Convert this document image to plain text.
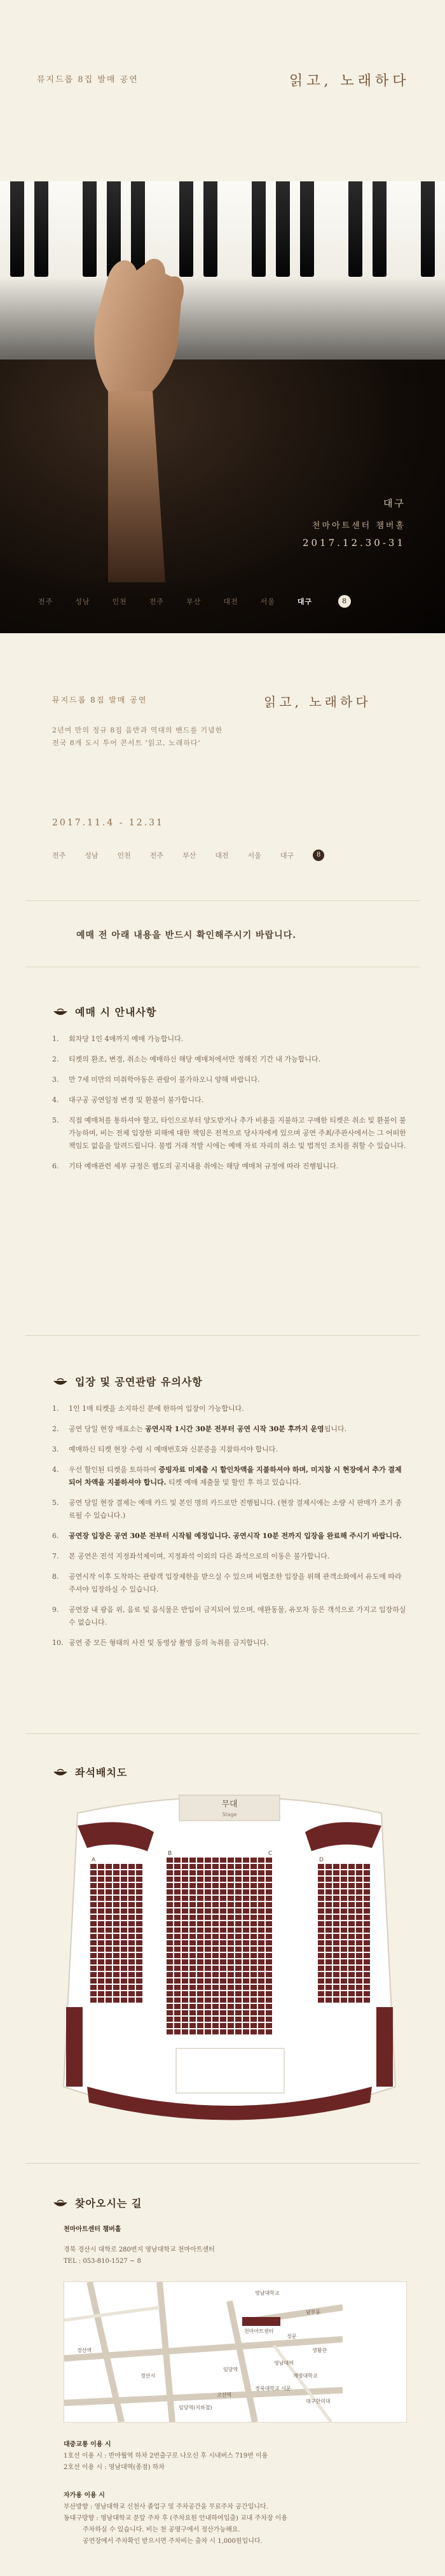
뮤지드롭 8집 발매 공연	읽고, 노래하다
대구
천마아트센터 챔버홀
2017.12.30-31
전주	성남	인천	전주	부산	대전	서울	대구	8
뮤지드롭 8집 발매 공연	읽고, 노래하다
2년여 만의 정규 8집 음반과 역대의 밴드를 기념한
전국 8개 도시 투어 콘서트 '읽고, 노래하다'
2017.11.4 - 12.31
전주	성남	인천	전주	부산	대전	서울	대구	8
예매 전 아래 내용을 반드시 확인해주시기 바랍니다.
예매 시 안내사항
1. 회차당 1인 4매까지 예매 가능합니다.
2. 티켓의 환조, 변경, 취소는 예매하신 해당 예매처에서만 정해진 기간 내 가능합니다.
3. 만 7세 미만의 미취학아동은 관람이 불가하오니 양해 바랍니다.
4. 대구공 공연일정 변경 및 환불이 불가합니다.
5. 직접 예매처를 통하셔야 할고, 타인으로부터 양도받거나 추가 비용을 지불하고 구매한 티켓은 취소 및 환불이 불가능하며, 비는 전체 입장한 피해에 대한 책임은 전적으로 당사자에게 있으며 공연 주최/주관사에서는 그 어떠한 책임도 없음을 알려드립니다. 불법 거래 적발 시에는 예매 자료 자리의 취소 및 법적인 조치를 취할 수 있습니다.
6. 기타 예매관련 세부 규정은 웹도의 공지내용 취에는 해당 예매처 규정에 따라 진행됩니다.
입장 및 공연관람 유의사항
1. 1인 1매 티켓을 소지하신 분에 한하여 입장이 가능합니다.
2. 공연 당일 현장 매표소는 공연시작 1시간 30분 전부터 공연 시작 30분 후까지 운영됩니다.
3. 예매하신 티켓 현장 수령 시 예매번호와 신분증을 지참하셔야 합니다.
4. 우선 할인된 티켓을 토하하여 증빙자료 미제출 시 할인차액을 지불하셔야 하며, 미지참 시 현장에서 추가 결제되어 차액을 지불하셔야 합니다. 티켓 예매 제출물 및 할인 후 하고 있습니다.
5. 공연 당일 현장 결제는 예매 카드 및 본인 명의 카드로만 진행됩니다. (현장 결제시에는 소량 시 판매가 조기 종료될 수 있습니다.)
6. 공연장 입장은 공연 30분 전부터 시작될 예정입니다. 공연시작 10분 전까지 입장을 완료해 주시기 바랍니다.
7. 본 공연은 전석 지정좌석제이며, 지정좌석 이외의 다른 좌석으로의 이동은 불가합니다.
8. 공연시작 이후 도착하는 관람객 입장제한을 받으실 수 있으며 비협조한 입장을 위해 관객소화에서 유도에 따라주셔야 입장하실 수 있습니다.
9. 공연장 내 광음 위, 음료 및 음식물은 반입이 금지되어 있으며, 애완동물, 유모차 등은 객석으로 가지고 입장하실 수 없습니다.
10. 공연 중 모든 형태의 사진 및 동영상 촬영 등의 녹취를 금지합니다.
좌석배치도
무대
Stage
A
B
D
C
찾아오시는 길
천마아트센터 챔버홀
경북 경산시 대학로 280번지 영남대학교 천마아트센터
TEL : 053-810-1527 ~ 8
영남대학교
천마아트센터
남부동
정문
영남대역
경산역
계명대학교
대구한의대
경산시
임당역
고산역
경북대학교 서문
생활관
임당역(지하철)
대중교통 이용 시
1호선 이용 시 : 반야월역 하차 2번출구로 나오신 후 시내버스 719번 이용
2호선 이용 시 : 영남대역(종점) 하차
자가용 이용 시
부산방향 : 영남대학교 신천사 졸업구 및 주차공간을 무료주차 공간입니다.
동대구방향 : 영남대학교 문앞 주차 후 (주차요원 안내하여입출) 교내 주차장 이용
주차하실 수 있습니다. 비는 천 공영구에서 정산가능해요.
공연장에서 주차확인 받으시면 주차비는 출차 시 1,000원입니다.
